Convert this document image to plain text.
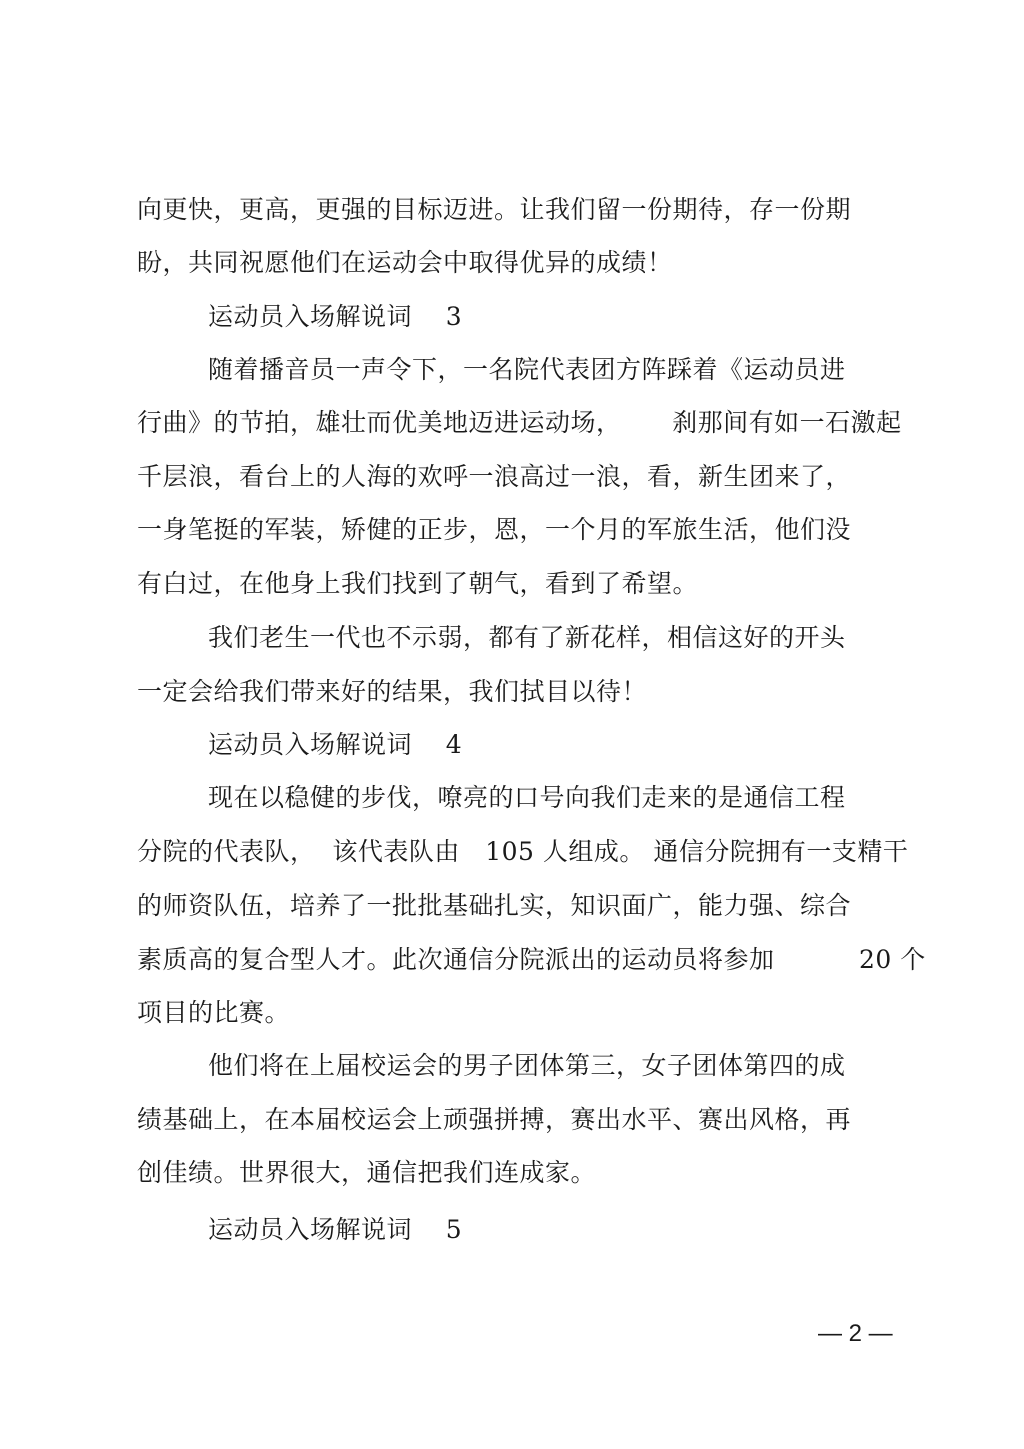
向更快，更高，更强的目标迈进。让我们留一份期待，存一份期
盼，共同祝愿他们在运动会中取得优异的成绩！
运动员入场解说词    3
随着播音员一声令下，一名院代表团方阵踩着《运动员进
行曲》的节拍，雄壮而优美地迈进运动场，      刹那间有如一石激起
千层浪，看台上的人海的欢呼一浪高过一浪，看，新生团来了，
一身笔挺的军装，矫健的正步，恩，一个月的军旅生活，他们没
有白过，在他身上我们找到了朝气，看到了希望。
我们老生一代也不示弱，都有了新花样，相信这好的开头
一定会给我们带来好的结果，我们拭目以待！
运动员入场解说词    4
现在以稳健的步伐，嘹亮的口号向我们走来的是通信工程
分院的代表队，  该代表队由   105 人组成。 通信分院拥有一支精干
的师资队伍，培养了一批批基础扎实，知识面广，能力强、综合
素质高的复合型人才。此次通信分院派出的运动员将参加          20 个
项目的比赛。
他们将在上届校运会的男子团体第三，女子团体第四的成
绩基础上，在本届校运会上顽强拼搏，赛出水平、赛出风格，再
创佳绩。世界很大，通信把我们连成家。
运动员入场解说词    5
— 2 —
